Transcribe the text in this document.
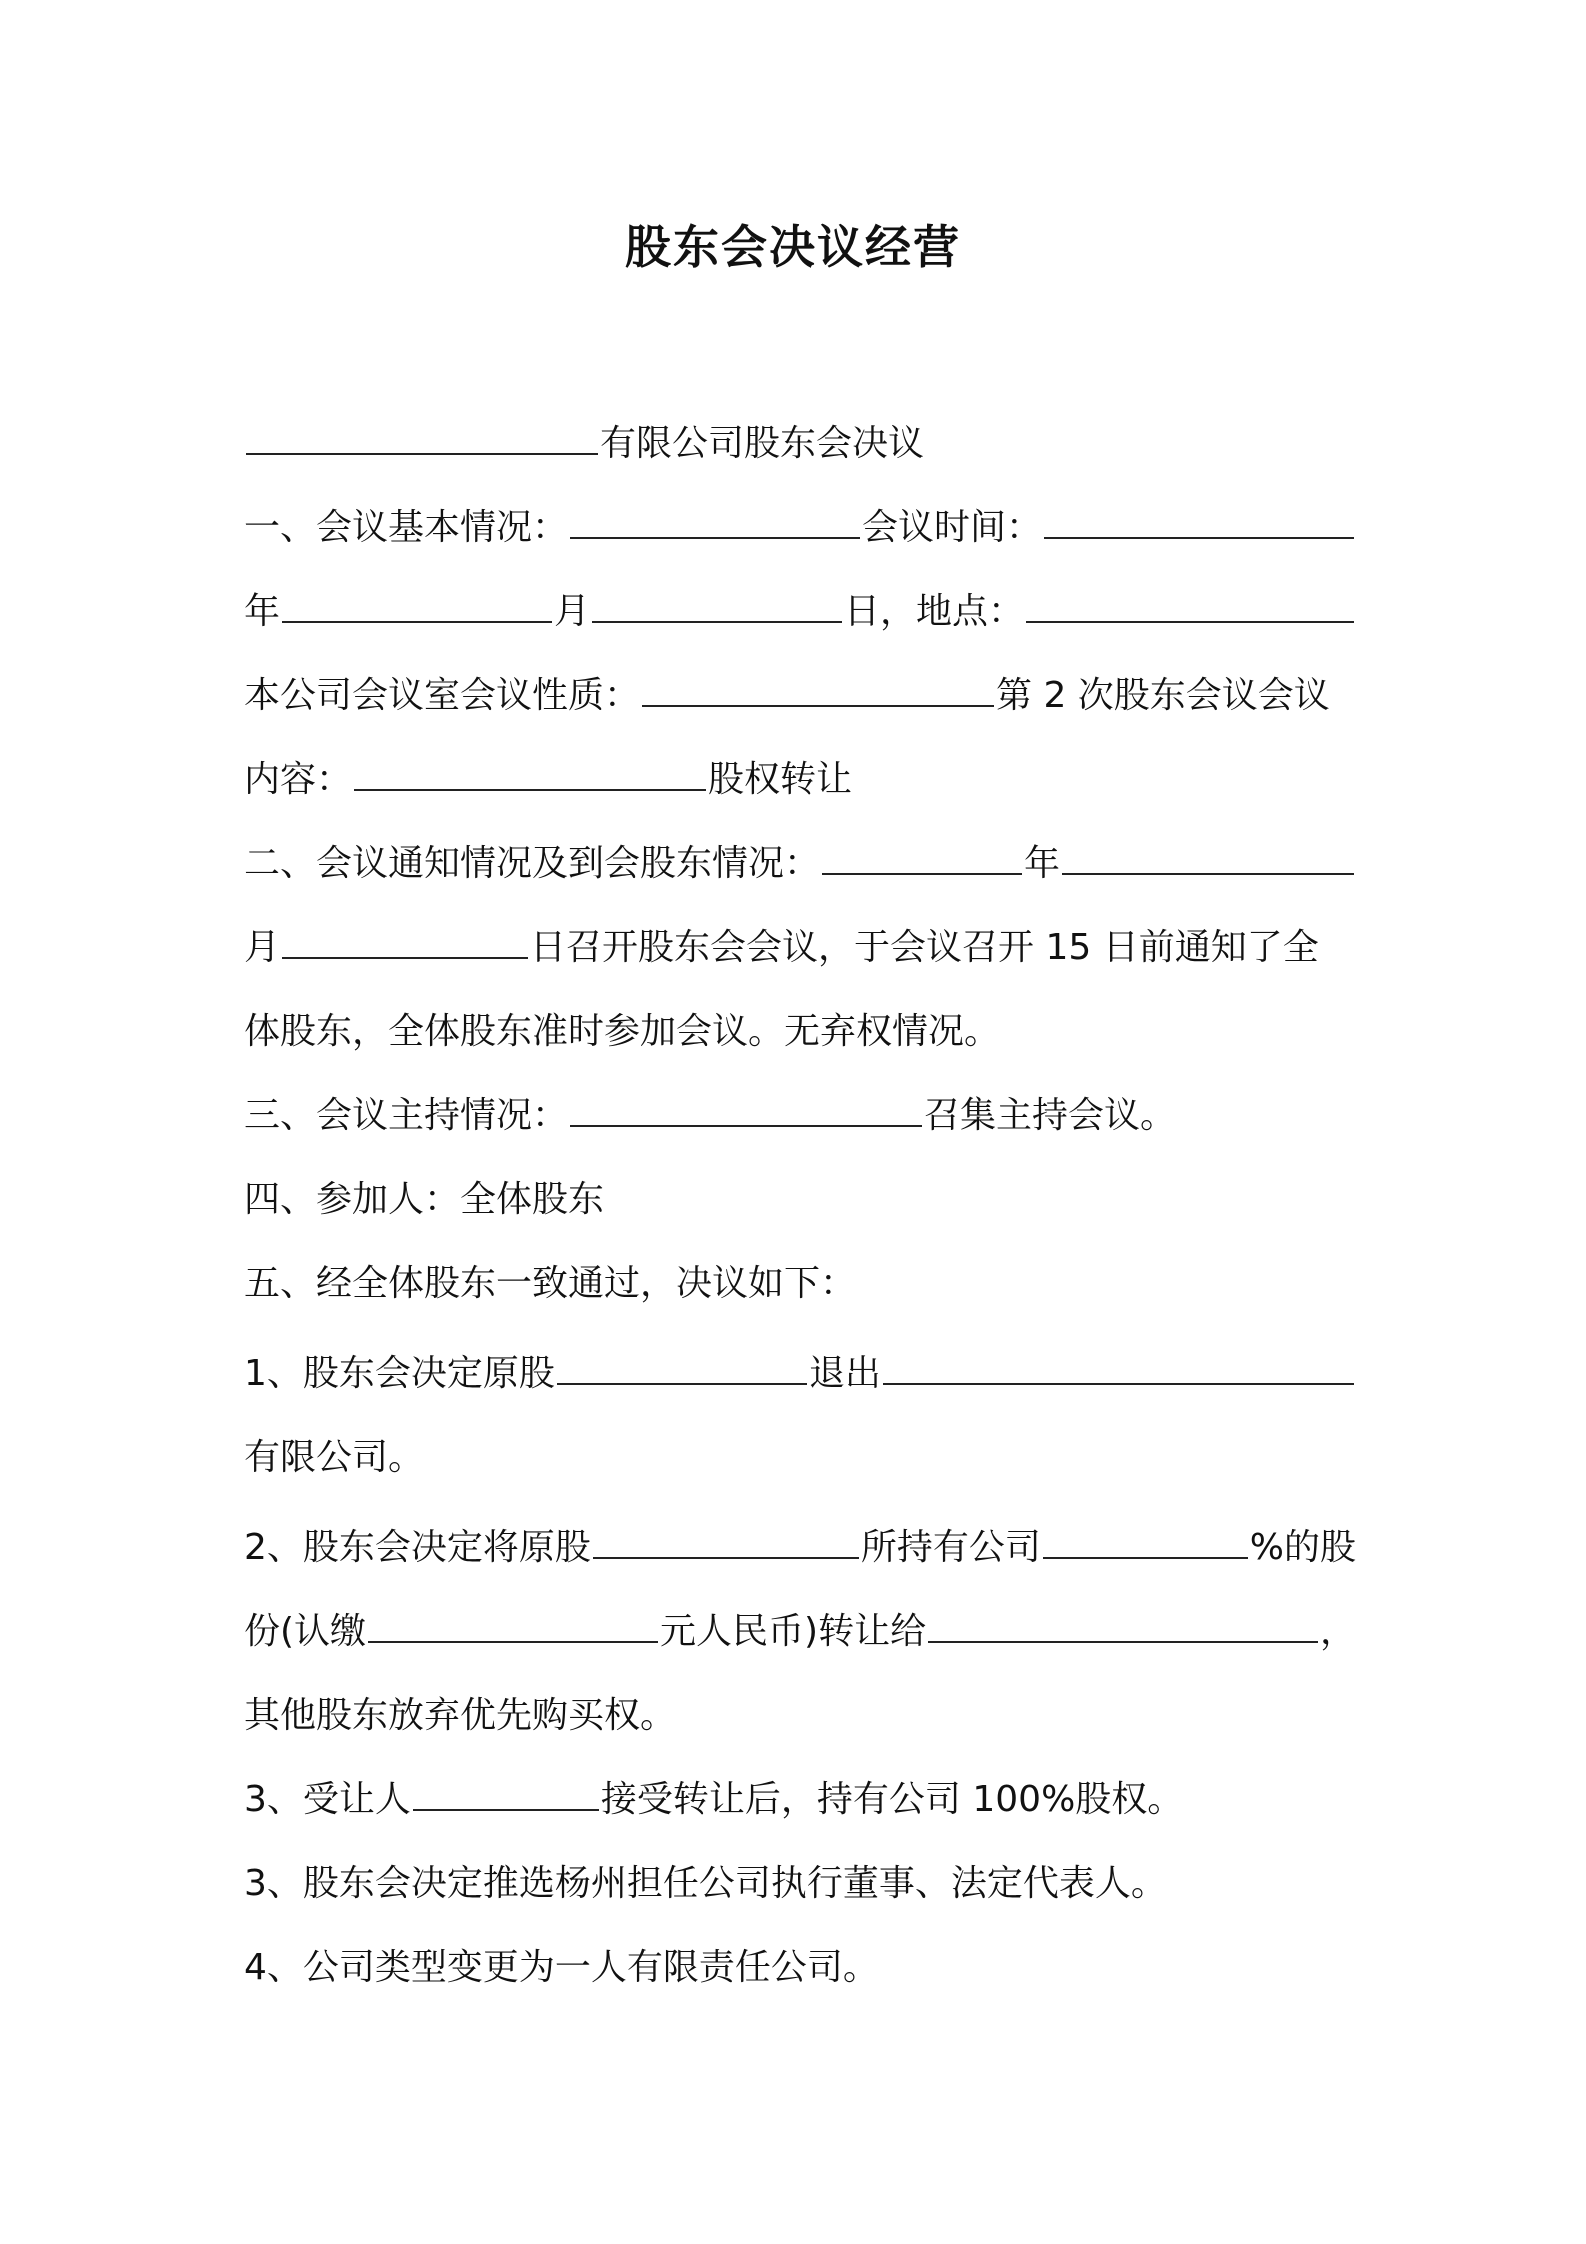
股东会决议经营
有限公司股东会决议
一、会议基本情况：	会议时间：
年	月	日，地点：
本公司会议室会议性质：	第 2 次股东会议会议
内容：	股权转让
二、会议通知情况及到会股东情况：	年
月	日召开股东会会议，于会议召开 15 日前通知了全
体股东，全体股东准时参加会议。无弃权情况。
三、会议主持情况：	召集主持会议。
四、参加人：全体股东
五、经全体股东一致通过，决议如下：
1、股东会决定原股	退出
有限公司。
2、股东会决定将原股	所持有公司	%的股
份(认缴	元人民币)转让给	，
其他股东放弃优先购买权。
3、受让人	接受转让后，持有公司 100%股权。
3、股东会决定推选杨州担任公司执行董事、法定代表人。
4、公司类型变更为一人有限责任公司。
